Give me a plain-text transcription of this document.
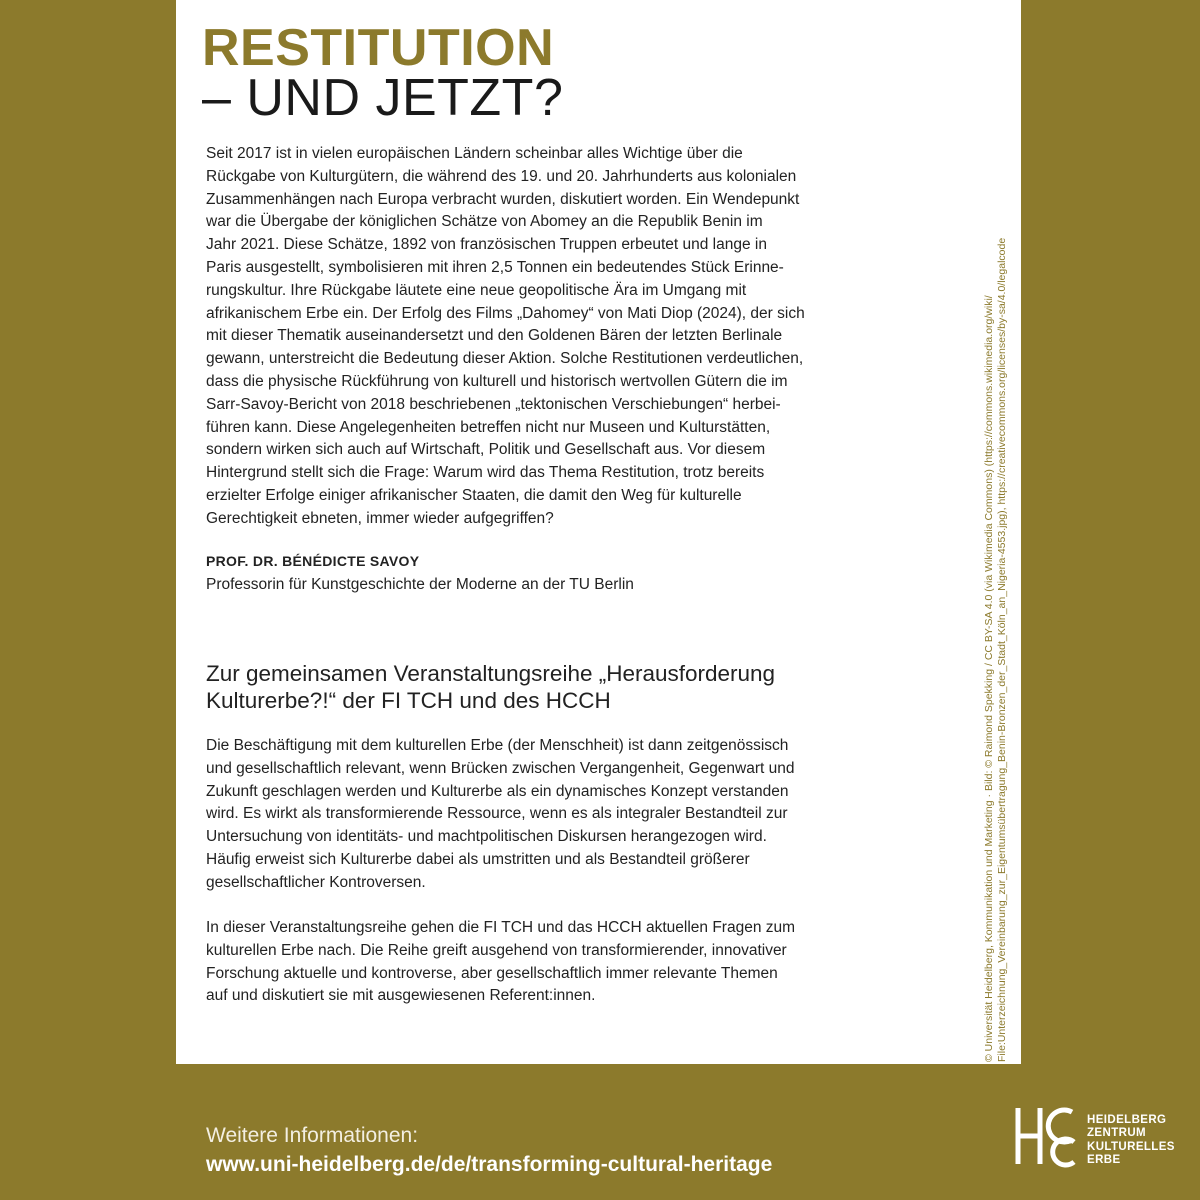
© Universität Heidelberg, Kommunikation und Marketing · Bild: © Raimond Spekking / CC BY-SA 4.0 (via Wikimedia Commons) (https://commons.wikimedia.org/wiki/ File:Unterzeichnung_Vereinbarung_zur_Eigentumsübertragung_Benin-Bronzen_der_Stadt_Köln_an_Nigeria-4553.jpg), https://creativecommons.org/licenses/by-sa/4.0/legalcode
RESTITUTION
– UND JETZT?

Seit 2017 ist in vielen europäischen Ländern scheinbar alles Wichtige über die
Rückgabe von Kulturgütern, die während des 19. und 20. Jahrhunderts aus kolonialen
Zusammenhängen nach Europa verbracht wurden, diskutiert worden. Ein Wendepunkt
war die Übergabe der königlichen Schätze von Abomey an die Republik Benin im
Jahr 2021. Diese Schätze, 1892 von französischen Truppen erbeutet und lange in
Paris ausgestellt, symbolisieren mit ihren 2,5 Tonnen ein bedeutendes Stück Erinne-
rungskultur. Ihre Rückgabe läutete eine neue geopolitische Ära im Umgang mit
afrikanischem Erbe ein. Der Erfolg des Films „Dahomey“ von Mati Diop (2024), der sich
mit dieser Thematik auseinandersetzt und den Goldenen Bären der letzten Berlinale
gewann, unterstreicht die Bedeutung dieser Aktion. Solche Restitutionen verdeutlichen,
dass die physische Rückführung von kulturell und historisch wertvollen Gütern die im
Sarr-Savoy-Bericht von 2018 beschriebenen „tektonischen Verschiebungen“ herbei-
führen kann. Diese Angelegenheiten betreffen nicht nur Museen und Kulturstätten,
sondern wirken sich auch auf Wirtschaft, Politik und Gesellschaft aus. Vor diesem
Hintergrund stellt sich die Frage: Warum wird das Thema Restitution, trotz bereits
erzielter Erfolge einiger afrikanischer Staaten, die damit den Weg für kulturelle
Gerechtigkeit ebneten, immer wieder aufgegriffen?

PROF. DR. BÉNÉDICTE SAVOY

Professorin für Kunstgeschichte der Moderne an der TU Berlin

Zur gemeinsamen Veranstaltungsreihe „Herausforderung
Kulturerbe?!“ der FI TCH und des HCCH

Die Beschäftigung mit dem kulturellen Erbe (der Menschheit) ist dann zeitgenössisch
und gesellschaftlich relevant, wenn Brücken zwischen Vergangenheit, Gegenwart und
Zukunft geschlagen werden und Kulturerbe als ein dynamisches Konzept verstanden
wird. Es wirkt als transformierende Ressource, wenn es als integraler Bestandteil zur
Untersuchung von identitäts- und machtpolitischen Diskursen herangezogen wird.
Häufig erweist sich Kulturerbe dabei als umstritten und als Bestandteil größerer
gesellschaftlicher Kontroversen.

In dieser Veranstaltungsreihe gehen die FI TCH und das HCCH aktuellen Fragen zum
kulturellen Erbe nach. Die Reihe greift ausgehend von transformierender, innovativer
Forschung aktuelle und kontroverse, aber gesellschaftlich immer relevante Themen
auf und diskutiert sie mit ausgewiesenen Referent:innen.

Weitere Informationen:

www.uni-heidelberg.de/de/transforming-cultural-heritage

HEIDELBERG
ZENTRUM
KULTURELLES
ERBE
